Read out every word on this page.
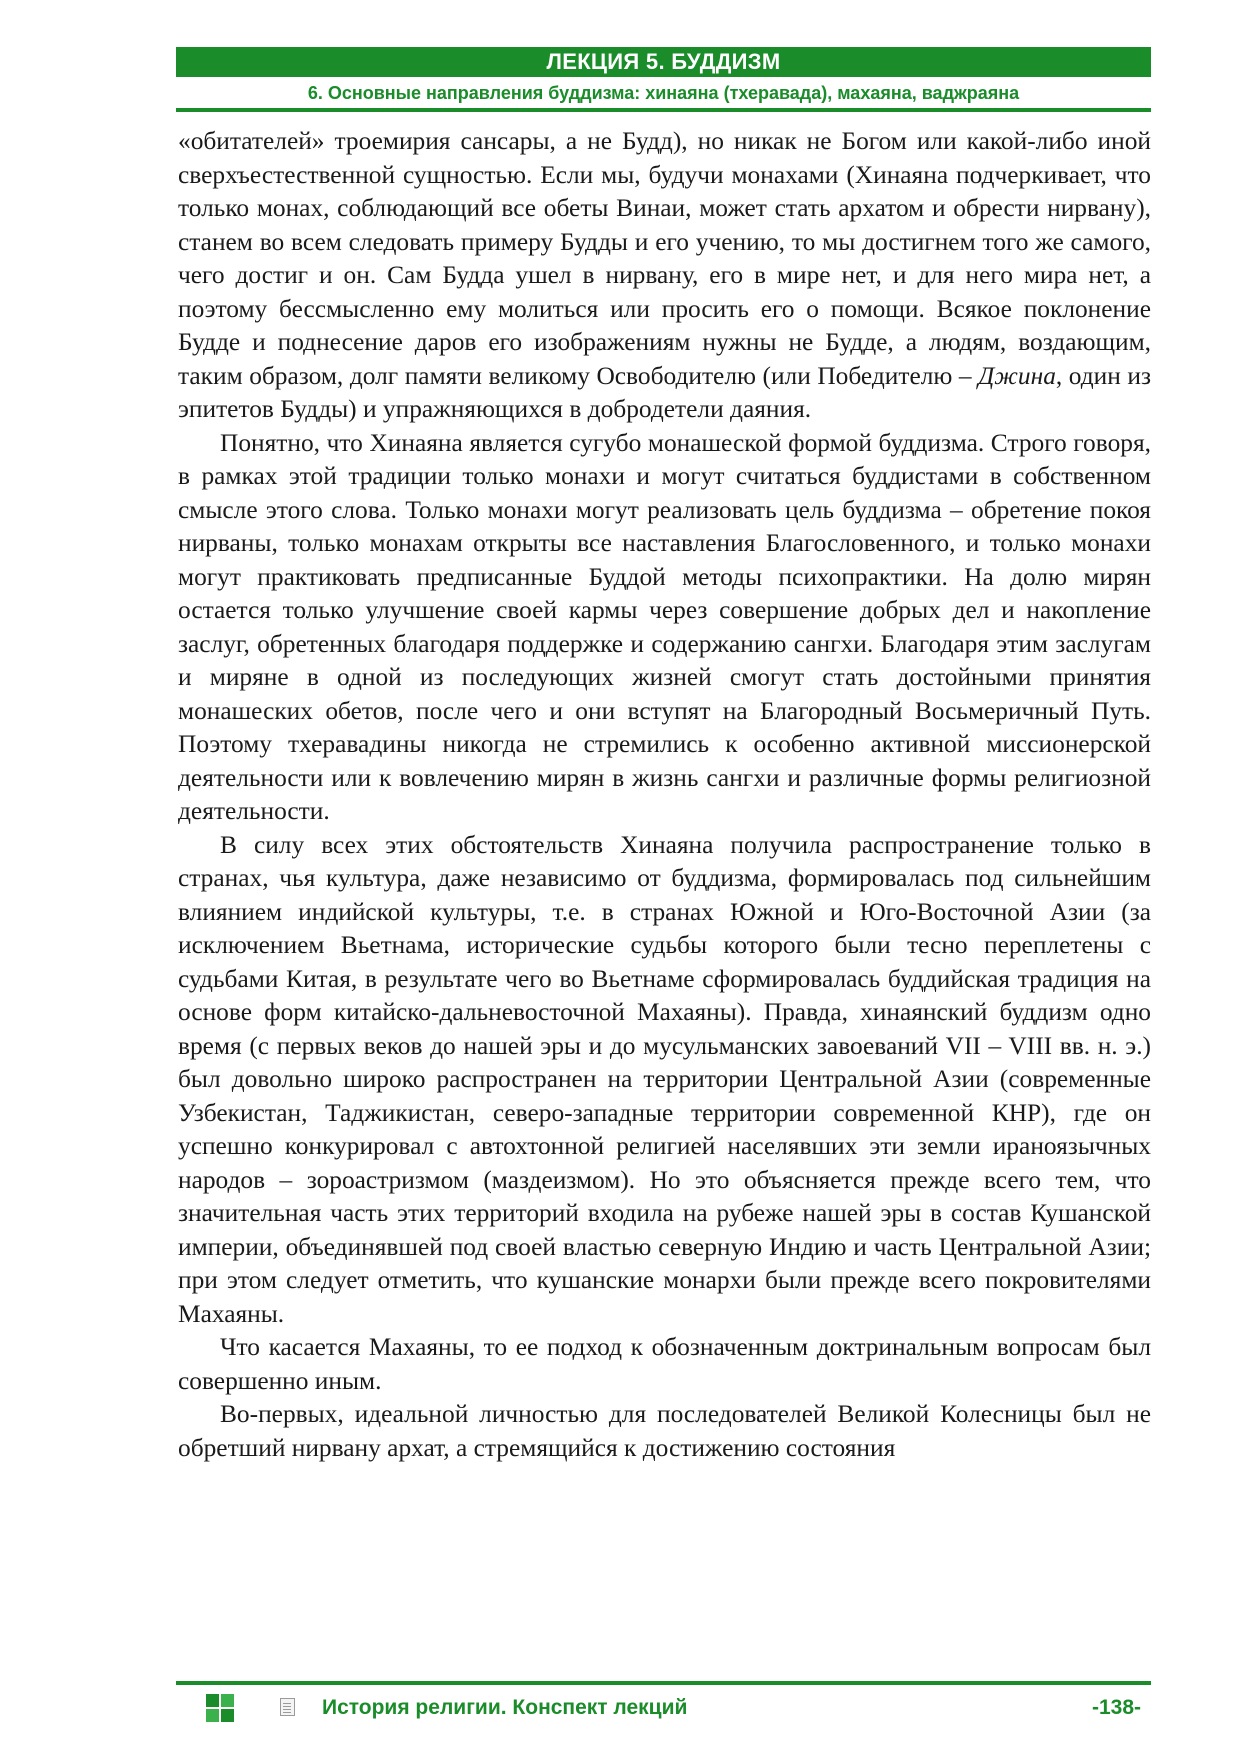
ЛЕКЦИЯ 5. БУДДИЗМ
6. Основные направления буддизма: хинаяна (тхеравада), махаяна, ваджраяна

«обитателей» троемирия сансары, а не Будд), но никак не Богом или какой-либо иной сверхъестественной сущностью. Если мы, будучи монахами (Хинаяна подчеркивает, что только монах, соблюдающий все обеты Винаи, может стать архатом и обрести нирвану), станем во всем следовать примеру Будды и его учению, то мы достигнем того же самого, чего достиг и он. Сам Будда ушел в нирвану, его в мире нет, и для него мира нет, а поэтому бессмысленно ему молиться или просить его о помощи. Всякое поклонение Будде и поднесение даров его изображениям нужны не Будде, а людям, воздающим, таким образом, долг памяти великому Освободителю (или Победителю – Джина, один из эпитетов Будды) и упражняющихся в добродетели даяния.

Понятно, что Хинаяна является сугубо монашеской формой буддизма. Строго говоря, в рамках этой традиции только монахи и могут считаться буддистами в собственном смысле этого слова. Только монахи могут реализовать цель буддизма – обретение покоя нирваны, только монахам открыты все наставления Благословенного, и только монахи могут практиковать предписанные Буддой методы психопрактики. На долю мирян остается только улучшение своей кармы через совершение добрых дел и накопление заслуг, обретенных благодаря поддержке и содержанию сангхи. Благодаря этим заслугам и миряне в одной из последующих жизней смогут стать достойными принятия монашеских обетов, после чего и они вступят на Благородный Восьмеричный Путь. Поэтому тхеравадины никогда не стремились к особенно активной миссионерской деятельности или к вовлечению мирян в жизнь сангхи и различные формы религиозной деятельности.

В силу всех этих обстоятельств Хинаяна получила распространение только в странах, чья культура, даже независимо от буддизма, формировалась под сильнейшим влиянием индийской культуры, т.е. в странах Южной и Юго-Восточной Азии (за исключением Вьетнама, исторические судьбы которого были тесно переплетены с судьбами Китая, в результате чего во Вьетнаме сформировалась буддийская традиция на основе форм китайско-дальневосточной Махаяны). Правда, хинаянский буддизм одно время (с первых веков до нашей эры и до мусульманских завоеваний VII – VIII вв. н. э.) был довольно широко распространен на территории Центральной Азии (современные Узбекистан, Таджикистан, северо-западные территории современной КНР), где он успешно конкурировал с автохтонной религией населявших эти земли ираноязычных народов – зороастризмом (маздеизмом). Но это объясняется прежде всего тем, что значительная часть этих территорий входила на рубеже нашей эры в состав Кушанской империи, объединявшей под своей властью северную Индию и часть Центральной Азии; при этом следует отметить, что кушанские монархи были прежде всего покровителями Махаяны.

Что касается Махаяны, то ее подход к обозначенным доктринальным вопросам был совершенно иным.

Во-первых, идеальной личностью для последователей Великой Колесницы был не обретший нирвану архат, а стремящийся к достижению состояния

История религии. Конспект лекций	-138-
